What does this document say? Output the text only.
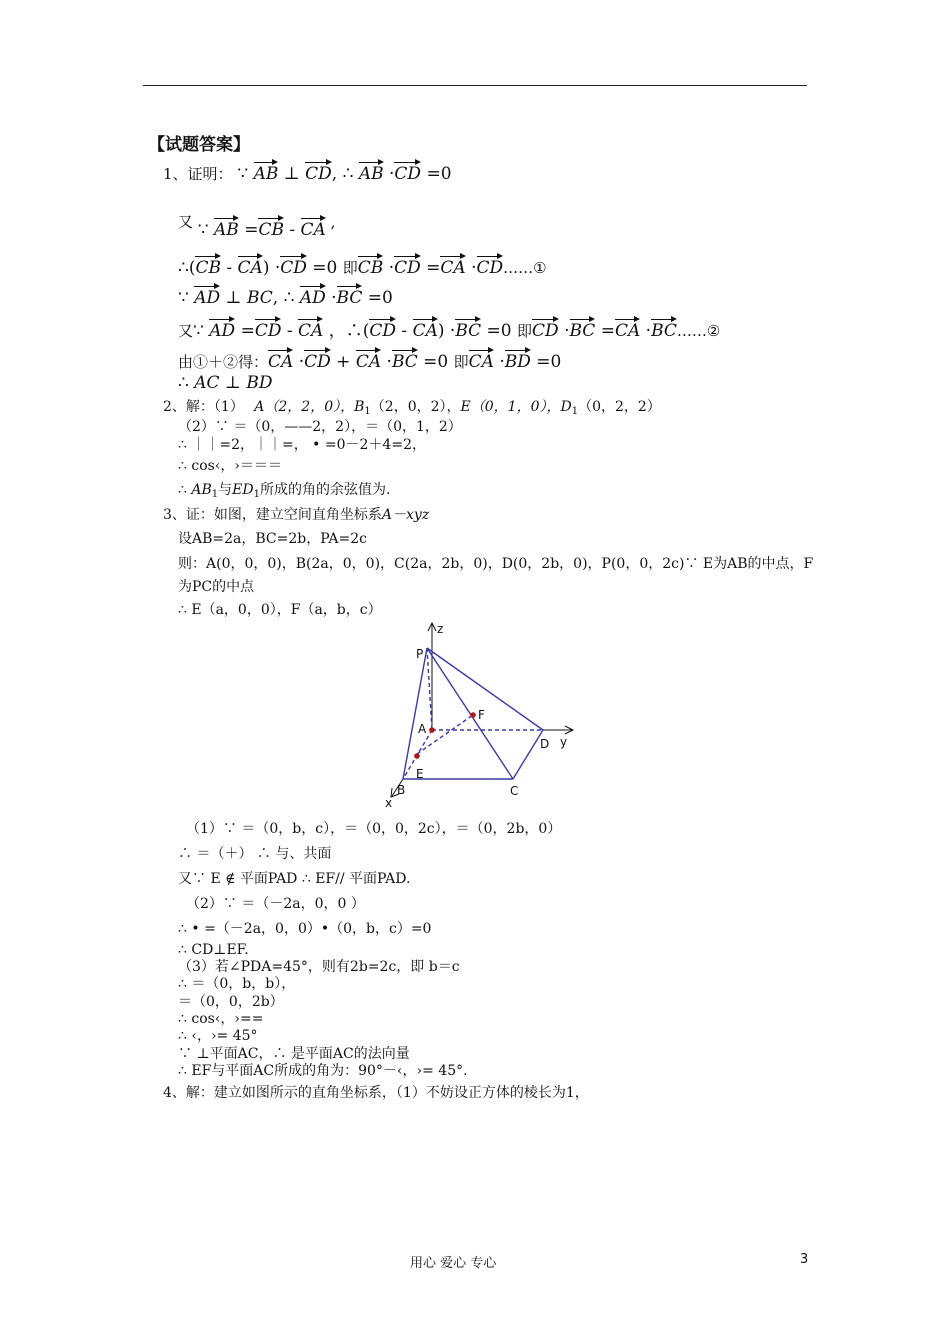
【试题答案】
1、证明： ∵ AB ⊥ CD, ∴ AB ·CD =0
又 ∵ AB =CB - CA ,
∴(CB - CA) ·CD =0 即CB ·CD =CA ·CD……①
∵ AD ⊥ BC, ∴ AD ·BC =0
又∵ AD =CD - CA ，∴(CD - CA) ·BC =0 即CD ·BC =CA ·BC……②
由①＋②得：CA ·CD + CA ·BC =0 即CA ·BD =0
∴ AC ⊥ BD
2、解：（1） A（2，2，0），$B_1(2$，0，2），E（0，1，0），$D_1(0$，2，2）
（2）∵ ＝（0，——2，2），＝（0，1，2）
∴ ｜｜=2，｜｜=， • =0－2＋4=2，
∴ cos‹，›＝＝＝
∴ $AB_1$与$ED_1$所成的角的余弦值为.
3、证：如图，建立空间直角坐标系A－xyz
设AB=2a，BC=2b，PA=2c
则：A(0，0，0)，B(2a，0，0)，C(2a，2b，0)，D(0，2b，0)，P(0，0，2c)∵ E为AB的中点，F
为PC的中点
∴ E（a，0，0），F（a，b，c）
z
P
F
A
D y
E
B	C
x
（1）∵ ＝（0，b，c），＝（0，0，2c），＝（0，2b，0）
∴ ＝（＋） ∴ 与、共面
又∵ E ∉ 平面PAD ∴ EF// 平面PAD.
（2）∵ ＝（－2a，0，0 ）
∴ • =（－2a，0，0）•（0，b，c）=0
∴ CD⊥EF.
（3）若∠PDA=45°，则有2b=2c，即 b＝c
∴ ＝（0，b，b），
＝（0，0，2b）
∴ cos‹，›==
∴ ‹，›= 45°
∵ ⊥平面AC，∴ 是平面AC的法向量
∴ EF与平面AC所成的角为：90°－‹，›= 45°.
4、解：建立如图所示的直角坐标系，（1）不妨设正方体的棱长为1，
用心 爱心 专心	3
